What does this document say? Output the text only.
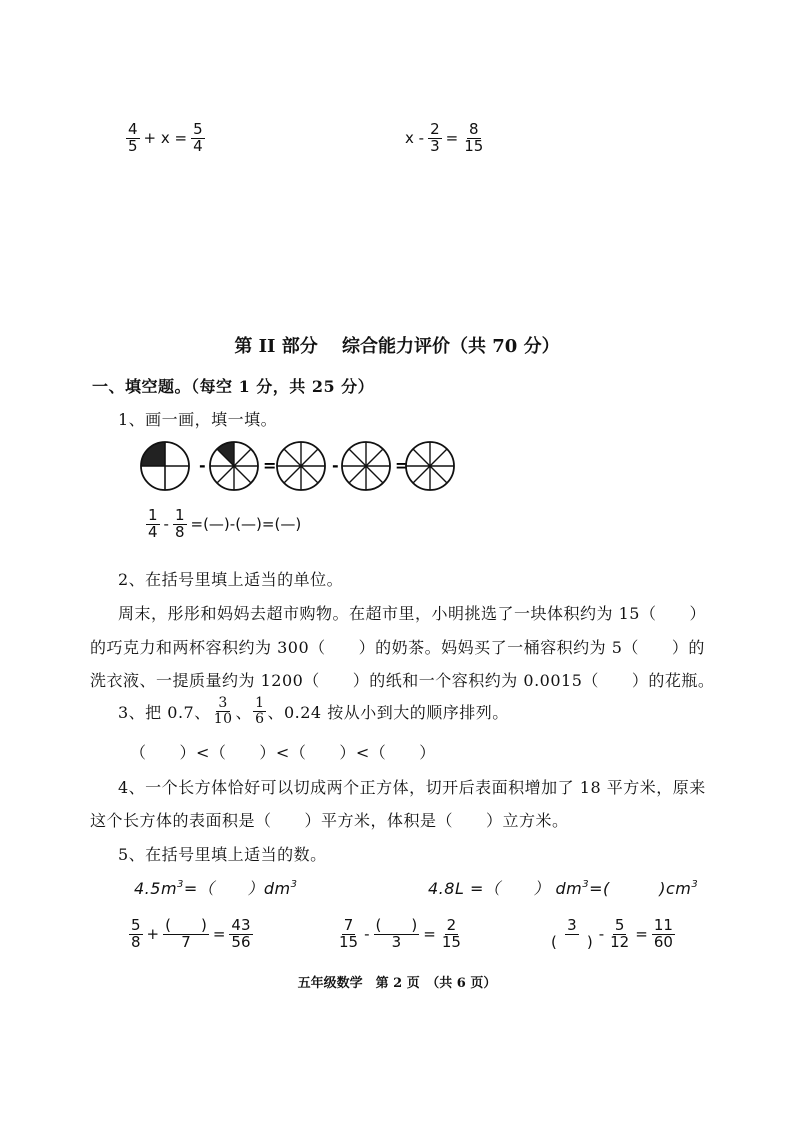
$\frac{4}{5} + x = \frac{5}{4}$	$x - \frac{2}{3} = \frac{8}{15}$
第 II 部分　 综合能力评价（共 70 分）
一、填空题。（每空 1 分，共 25 分）
1、画一画，填一填。
-	=	-	=
$\frac{1}{4} - \frac{1}{8}$ =(—)-(—)=(—)
2、在括号里填上适当的单位。
周末，彤彤和妈妈去超市购物。在超市里，小明挑选了一块体积约为 15（　　）
的巧克力和两杯容积约为 300（　　）的奶茶。妈妈买了一桶容积约为 5（　　）的
洗衣液、一提质量约为 1200（　　）的纸和一个容积约为 0.0015（　　）的花瓶。
3、把 0.7、 $\frac{3}{10}$ 、 $\frac{1}{6}$ 、0.24 按从小到大的顺序排列。
（　　）<（　　）<（　　）<（　　）
4、一个长方体恰好可以切成两个正方体，切开后表面积增加了 18 平方米，原来
这个长方体的表面积是（　　）平方米，体积是（　　）立方米。
5、在括号里填上适当的数。
$4.5m^3=$（　　）$dm^3$	4.8L =（　　） $dm^3=$(　　　)$cm^3$
$\frac{5}{8} + \frac{( )}{7} = \frac{43}{56}$	$\frac{7}{15} - \frac{( )}{3} = \frac{2}{15}$	$\frac{3}{( )} - \frac{5}{12} = \frac{11}{60}$
五年级数学　第 2 页　（共 6 页）
